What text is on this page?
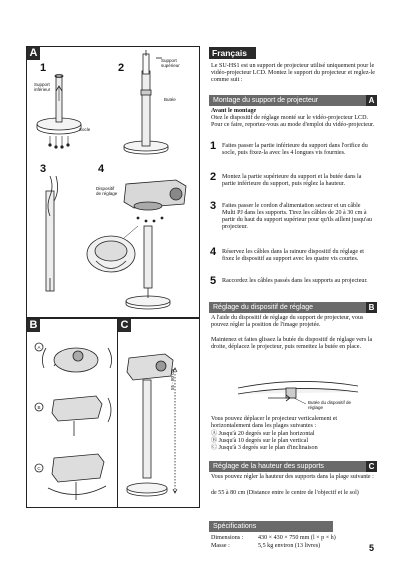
A
1	2
3	4
Support
supérieur
Support
inférieur
Butée
Socle
Dispositif
de réglage
B
A
B
C
C
55 - 80 cm
Français
Le SU-HS1 est un support de projecteur utilisé uniquement pour le vidéo-projecteur LCD. Montez le support du projecteur et reglez-le comme suit :
Montage du support de projecteur	A
Avant le montage
Otez le dispositif de réglage monté sur le vidéo-projecteur LCD. Pour ce faire, reportez-vous au mode d'emploi du vidéo-projecteur.
1 Faites passer la partie inférieure du support dans l'orifice du socle, puis fixez-la avec les 4 longues vis fournies.
2 Montez la partie supérieure du support et la butée dans la partie inférieure du support, puis réglez la hauteur.
3 Faites passer le cordon d'alimentation secteur et un câble Multi PJ dans les supports. Tirez les câbles de 20 à 30 cm à partir du haut du support supérieur pour qu'ils aillent jusqu'au projecteur.
4 Réservez les câbles dans la rainure dispositif du réglage et fixez le dispositif au support avec les quatre vis courtes.
5 Raccordez les câbles passés dans les supports au projecteur.
Réglage du dispositif de réglage	B
A l'aide du dispositif de réglage du support de projecteur, vous pouvez régler la position de l'image projetée.
Maintenez et faites glissez la butée du dispositif de réglage vers la droite, déplacez le projecteur, puis remettez la butée en place.
Butée du dispositif de
réglage
Vous pouvez déplacer le projecteur verticalement et horizontalement dans les plages suivantes :
Ⓐ Jusqu'à 20 degrés sur le plan horizontal
Ⓑ Jusqu'à 10 degrés sur le plan vertical
Ⓒ Jusqu'à 3 degrés sur le plan d'inclinaison
Réglage de la hauteur des supports	C
Vous pouvez régler la hauteur des supports dans la plage suivante :
de 55 à 80 cm (Distance entre le centre de l'objectif et le sol)
Spécifications
Dimensions : 430 × 430 × 750 mm (l × p × h)
Masse :	5,5 kg environ (13 livres)	5
